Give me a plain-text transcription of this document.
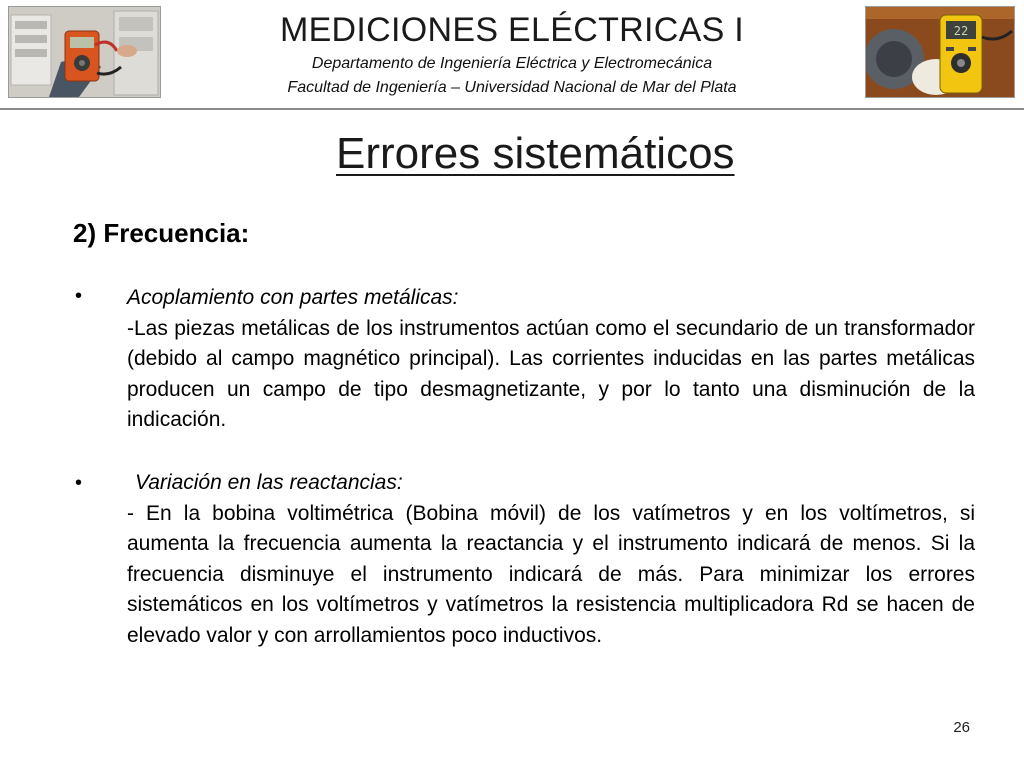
MEDICIONES ELÉCTRICAS I
Departamento de Ingeniería Eléctrica y Electromecánica
Facultad de Ingeniería – Universidad Nacional de Mar del Plata
22
Errores sistemáticos
2) Frecuencia:
• Acoplamiento con partes metálicas:
-Las piezas metálicas de los instrumentos actúan como el secundario de un transformador (debido al campo magnético principal). Las corrientes inducidas en las partes metálicas producen un campo de tipo desmagnetizante, y por lo tanto una disminución de la indicación.
•	Variación en las reactancias:
- En la bobina voltimétrica (Bobina móvil) de los vatímetros y en los voltímetros, si aumenta la frecuencia aumenta la reactancia y el instrumento indicará de menos. Si la frecuencia disminuye el instrumento indicará de más. Para minimizar los errores sistemáticos en los voltímetros y vatímetros la resistencia multiplicadora Rd se hacen de elevado valor y con arrollamientos poco inductivos.
26
